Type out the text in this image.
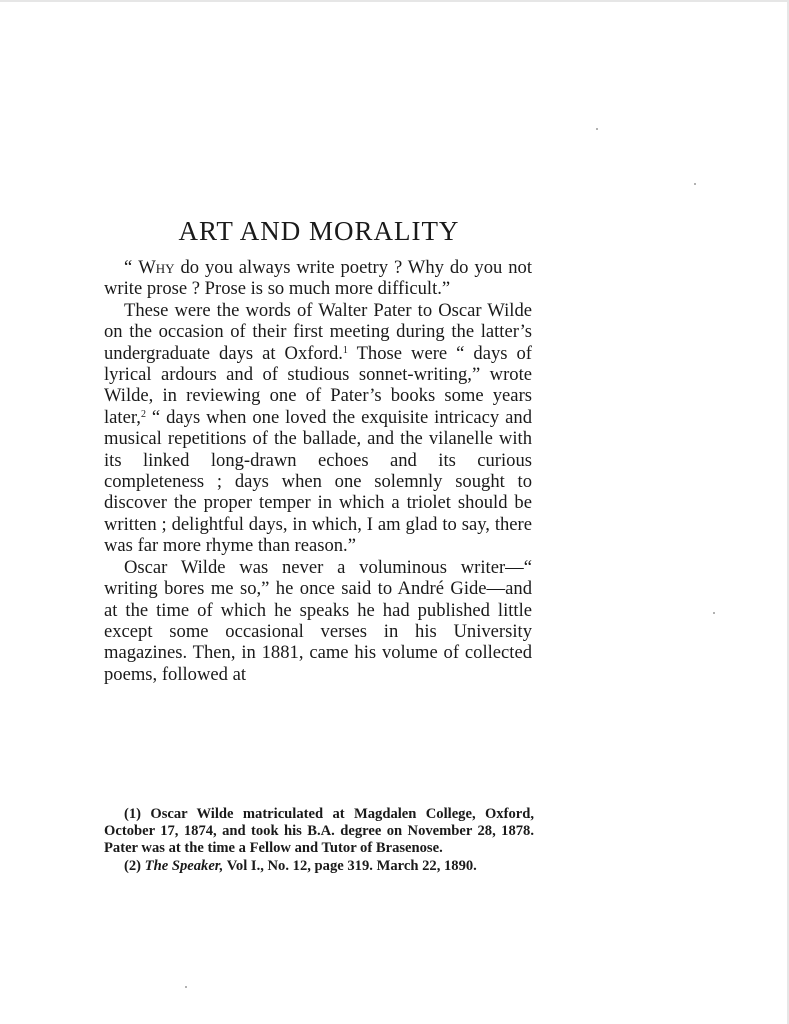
ART AND MORALITY

“ Why do you always write poetry ? Why do you not write prose ? Prose is so much more difficult.”

These were the words of Walter Pater to Oscar Wilde on the occasion of their first meeting during the latter’s undergraduate days at Oxford.$^1$ Those were “ days of lyrical ardours and of studious sonnet-writing,” wrote Wilde, in reviewing one of Pater’s books some years later,$^2$ “ days when one loved the exquisite intricacy and musical repetitions of the ballade, and the vilanelle with its linked long-drawn echoes and its curious completeness ; days when one solemnly sought to discover the proper temper in which a triolet should be written ; delightful days, in which, I am glad to say, there was far more rhyme than reason.”

Oscar Wilde was never a voluminous writer—“ writing bores me so,” he once said to André Gide—and at the time of which he speaks he had published little except some occasional verses in his University magazines. Then, in 1881, came his volume of collected poems, followed at

(1) Oscar Wilde matriculated at Magdalen College, Oxford, October 17, 1874, and took his B.A. degree on November 28, 1878. Pater was at the time a Fellow and Tutor of Brasenose.

(2) The Speaker, Vol I., No. 12, page 319. March 22, 1890.
